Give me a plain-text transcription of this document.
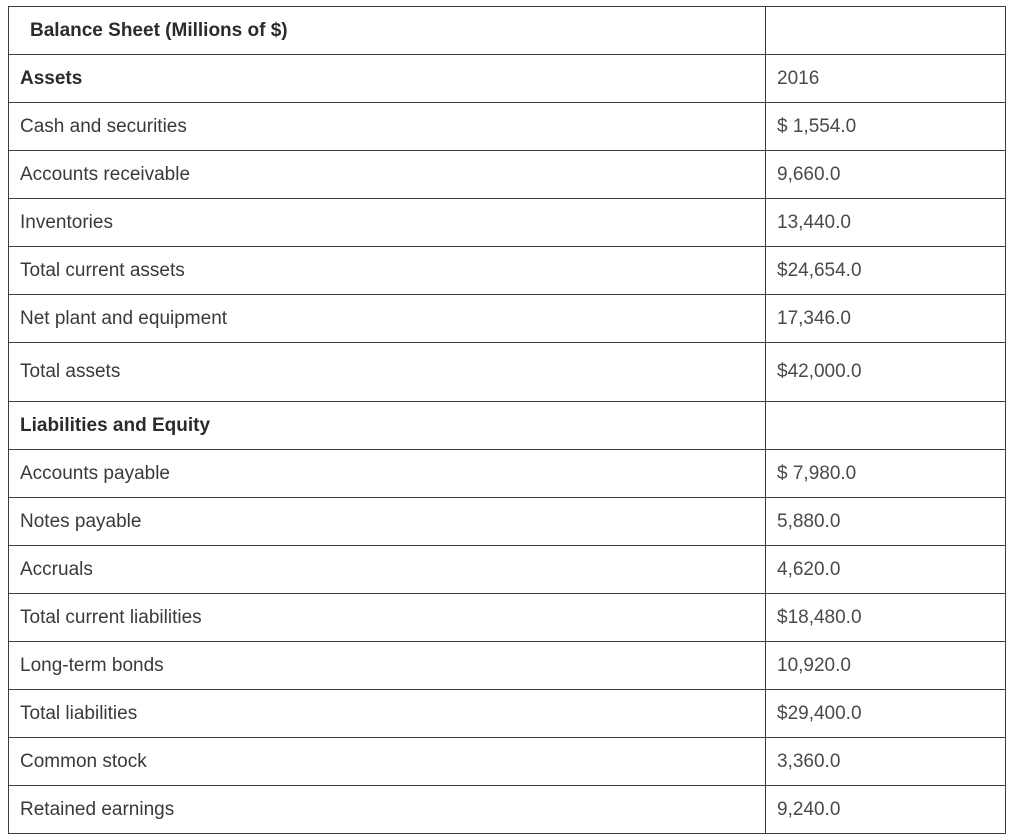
Balance Sheet (Millions of $)	
Assets	2016
Cash and securities	$ 1,554.0
Accounts receivable	9,660.0
Inventories	13,440.0
Total current assets	$24,654.0
Net plant and equipment	17,346.0
Total assets	$42,000.0
Liabilities and Equity	
Accounts payable	$ 7,980.0
Notes payable	5,880.0
Accruals	4,620.0
Total current liabilities	$18,480.0
Long-term bonds	10,920.0
Total liabilities	$29,400.0
Common stock	3,360.0
Retained earnings	9,240.0
